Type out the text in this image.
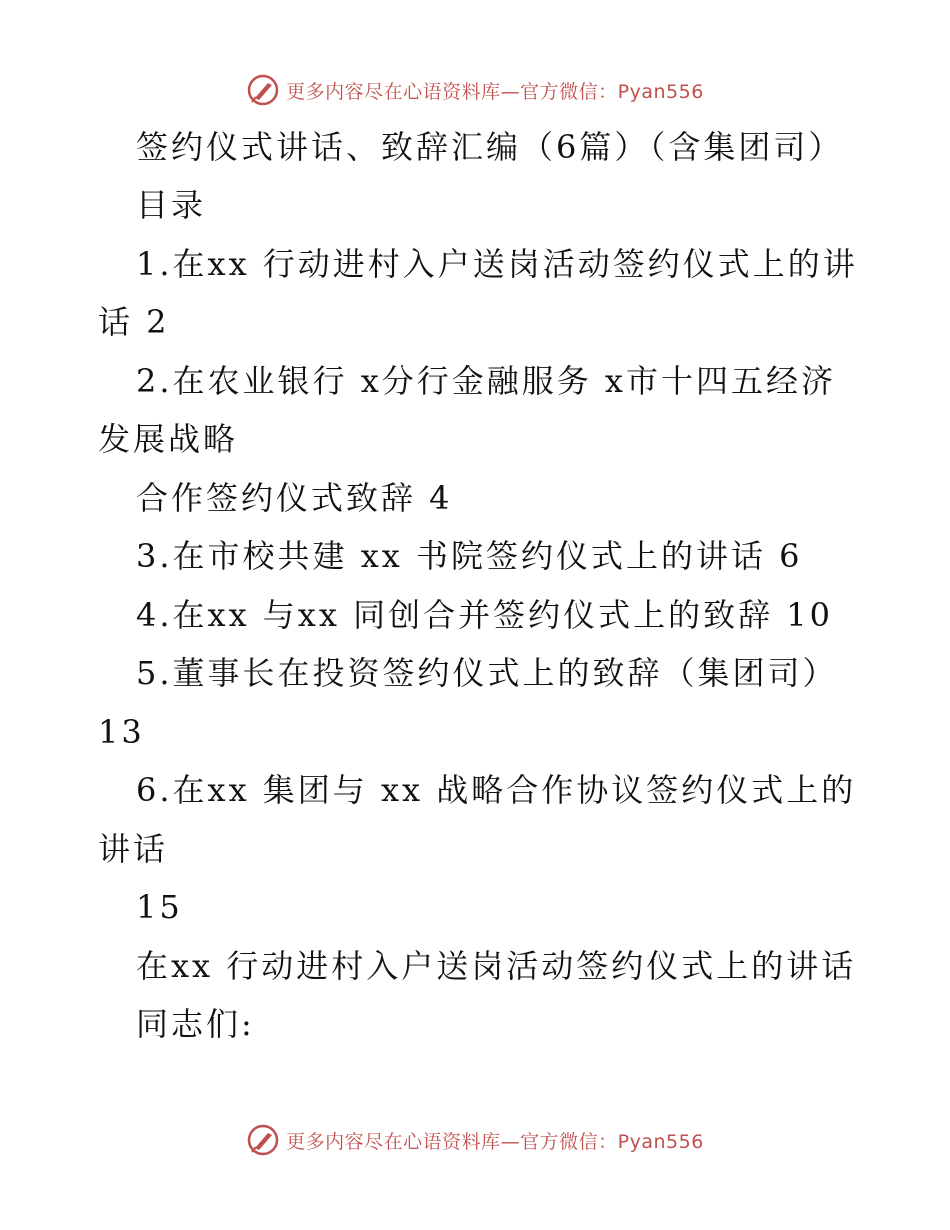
更多内容尽在心语资料库—官方微信：Pyan556
签约仪式讲话、致辞汇编（6篇）（含集团司）
目录
1.在xx 行动进村入户送岗活动签约仪式上的讲
话 2
2.在农业银行 x分行金融服务 x市十四五经济
发展战略
合作签约仪式致辞 4
3.在市校共建 xx 书院签约仪式上的讲话 6
4.在xx 与xx 同创合并签约仪式上的致辞 10
5.董事长在投资签约仪式上的致辞（集团司）
13
6.在xx 集团与 xx 战略合作协议签约仪式上的
讲话
15
在xx 行动进村入户送岗活动签约仪式上的讲话
同志们:
更多内容尽在心语资料库—官方微信：Pyan556
